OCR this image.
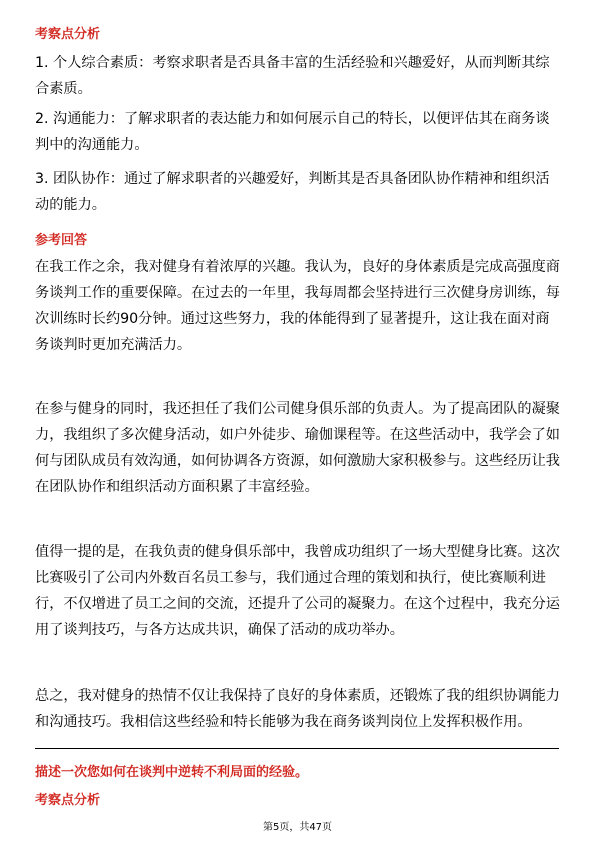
考察点分析
1. 个人综合素质：考察求职者是否具备丰富的生活经验和兴趣爱好，从而判断其综合素质。
2. 沟通能力：了解求职者的表达能力和如何展示自己的特长，以便评估其在商务谈判中的沟通能力。
3. 团队协作：通过了解求职者的兴趣爱好，判断其是否具备团队协作精神和组织活动的能力。
参考回答
在我工作之余，我对健身有着浓厚的兴趣。我认为，良好的身体素质是完成高强度商务谈判工作的重要保障。在过去的一年里，我每周都会坚持进行三次健身房训练，每次训练时长约90分钟。通过这些努力，我的体能得到了显著提升，这让我在面对商务谈判时更加充满活力。
在参与健身的同时，我还担任了我们公司健身俱乐部的负责人。为了提高团队的凝聚力，我组织了多次健身活动，如户外徒步、瑜伽课程等。在这些活动中，我学会了如何与团队成员有效沟通，如何协调各方资源，如何激励大家积极参与。这些经历让我在团队协作和组织活动方面积累了丰富经验。
值得一提的是，在我负责的健身俱乐部中，我曾成功组织了一场大型健身比赛。这次比赛吸引了公司内外数百名员工参与，我们通过合理的策划和执行，使比赛顺利进行，不仅增进了员工之间的交流，还提升了公司的凝聚力。在这个过程中，我充分运用了谈判技巧，与各方达成共识，确保了活动的成功举办。
总之，我对健身的热情不仅让我保持了良好的身体素质，还锻炼了我的组织协调能力和沟通技巧。我相信这些经验和特长能够为我在商务谈判岗位上发挥积极作用。
描述一次您如何在谈判中逆转不利局面的经验。
考察点分析
第5页，共47页
